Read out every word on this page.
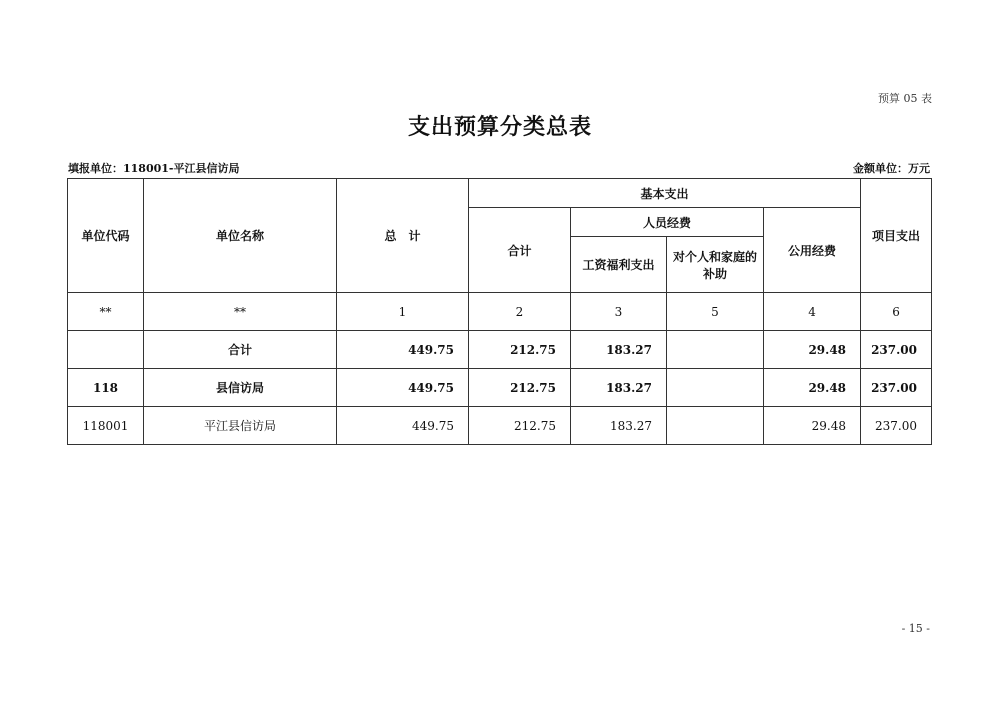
预算 05 表
支出预算分类总表
填报单位：118001-平江县信访局	金额单位：万元
单位代码	单位名称	总　计	基本支出				项目支出
			合计	人员经费		公用经费	
				工资福利支出	对个人和家庭的
补助		
**	**	1	2	3	5	4	6
	合计	449.75	212.75	183.27		29.48	237.00
118	县信访局	449.75	212.75	183.27		29.48	237.00
118001	平江县信访局	449.75	212.75	183.27		29.48	237.00
- 15 -
